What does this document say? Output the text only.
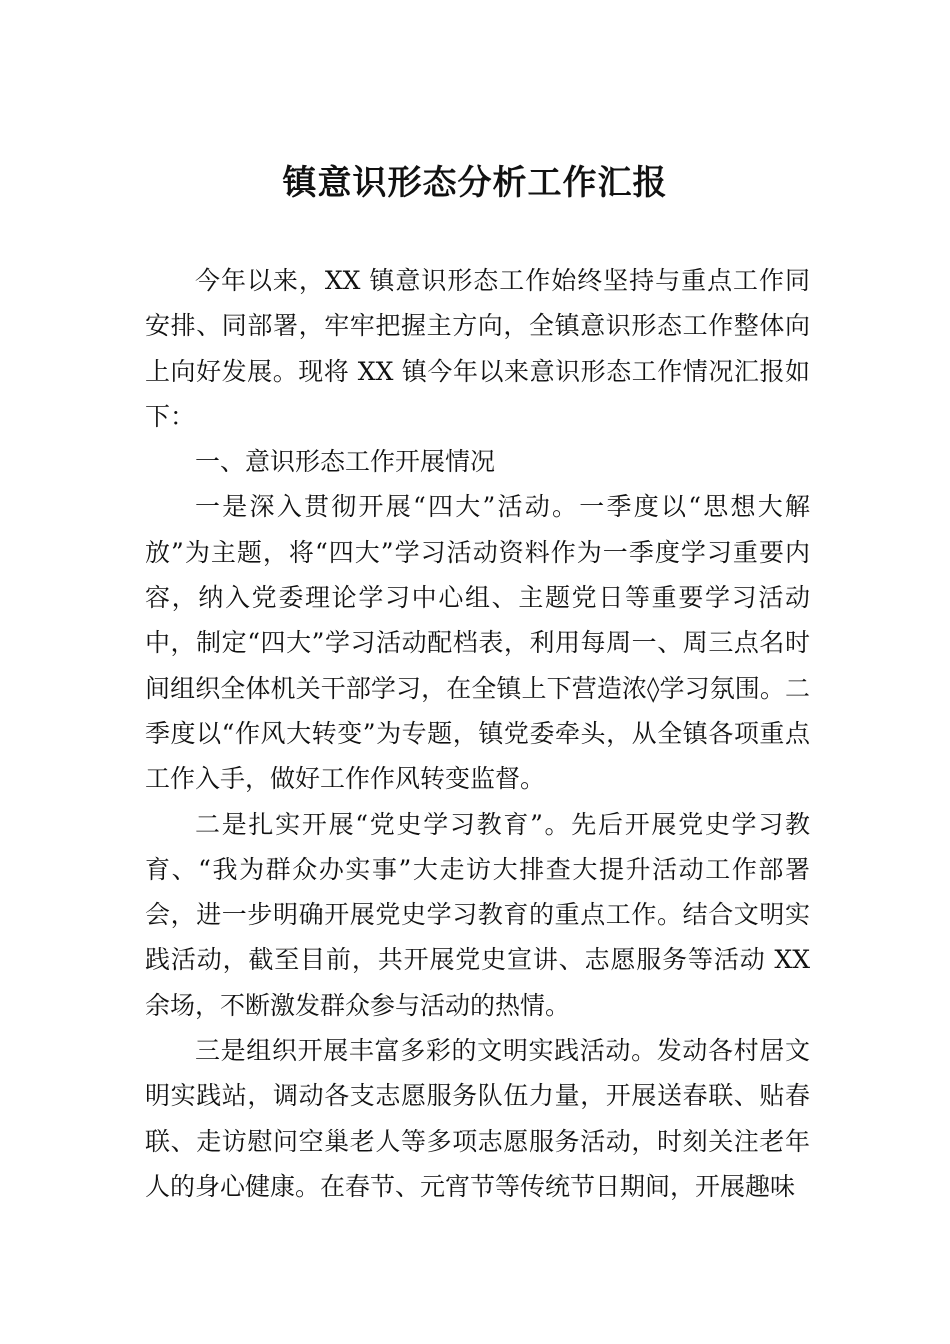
镇意识形态分析工作汇报

今年以来，XX 镇意识形态工作始终坚持与重点工作同安排、同部署，牢牢把握主方向，全镇意识形态工作整体向上向好发展。现将 XX 镇今年以来意识形态工作情况汇报如下：

一、意识形态工作开展情况

一是深入贯彻开展“四大”活动。一季度以“思想大解放”为主题，将“四大”学习活动资料作为一季度学习重要内容，纳入党委理论学习中心组、主题党日等重要学习活动中，制定“四大”学习活动配档表，利用每周一、周三点名时间组织全体机关干部学习，在全镇上下营造浓◊学习氛围。二季度以“作风大转变”为专题，镇党委牵头，从全镇各项重点工作入手，做好工作作风转变监督。

二是扎实开展“党史学习教育”。先后开展党史学习教育、“我为群众办实事”大走访大排查大提升活动工作部署会，进一步明确开展党史学习教育的重点工作。结合文明实践活动，截至目前，共开展党史宣讲、志愿服务等活动 XX 余场，不断激发群众参与活动的热情。

三是组织开展丰富多彩的文明实践活动。发动各村居文明实践站，调动各支志愿服务队伍力量，开展送春联、贴春联、走访慰问空巢老人等多项志愿服务活动，时刻关注老年人的身心健康。在春节、元宵节等传统节日期间，开展趣味
